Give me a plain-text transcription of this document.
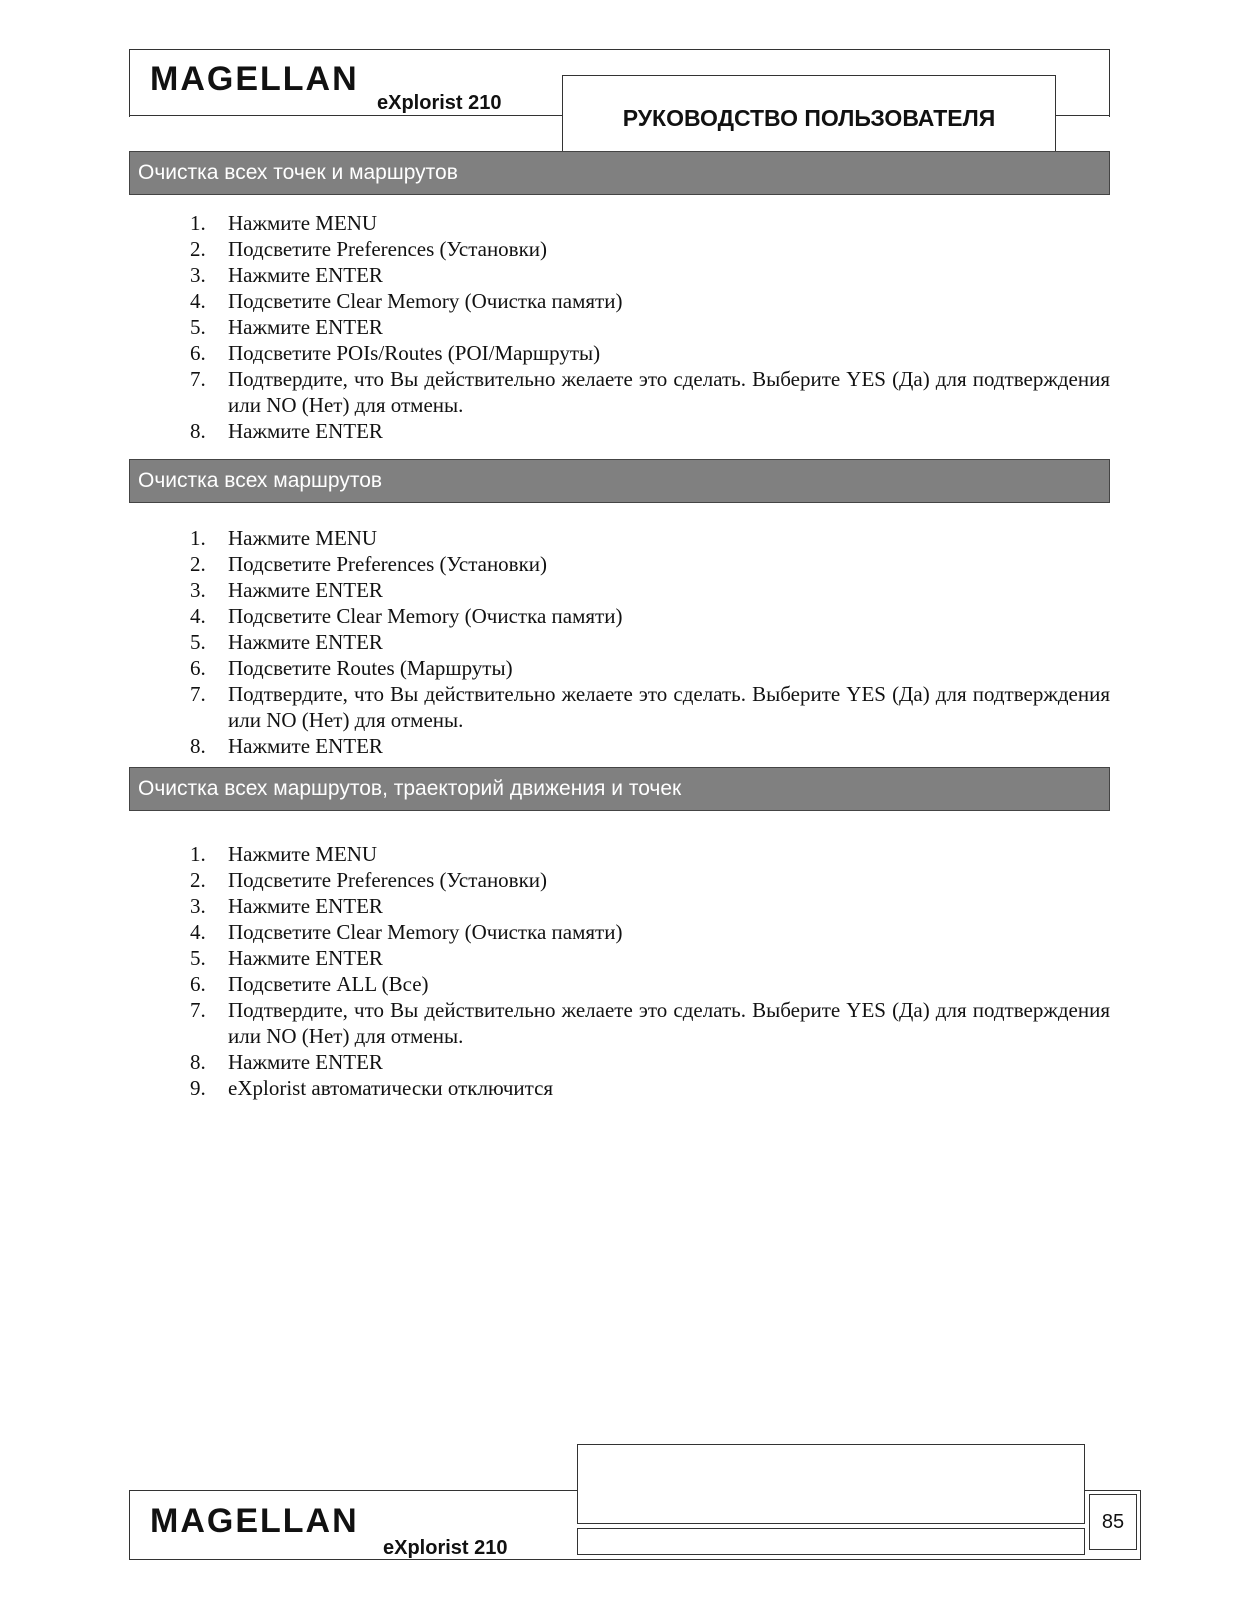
MAGELLAN
eXplorist 210
РУКОВОДСТВО ПОЛЬЗОВАТЕЛЯ
Очистка всех точек и маршрутов
1. Нажмите MENU
2. Подсветите Preferences (Установки)
3. Нажмите ENTER
4. Подсветите Clear Memory (Очистка памяти)
5. Нажмите ENTER
6. Подсветите POIs/Routes (POI/Маршруты)
7. Подтвердите, что Вы действительно желаете это сделать. Выберите YES (Да) для подтверждения или NO (Нет) для отмены.
8. Нажмите ENTER
Очистка всех маршрутов
1. Нажмите MENU
2. Подсветите Preferences (Установки)
3. Нажмите ENTER
4. Подсветите Clear Memory (Очистка памяти)
5. Нажмите ENTER
6. Подсветите Routes (Маршруты)
7. Подтвердите, что Вы действительно желаете это сделать. Выберите YES (Да) для подтверждения или NO (Нет) для отмены.
8. Нажмите ENTER
Очистка всех маршрутов, траекторий движения и точек
1. Нажмите MENU
2. Подсветите Preferences (Установки)
3. Нажмите ENTER
4. Подсветите Clear Memory (Очистка памяти)
5. Нажмите ENTER
6. Подсветите ALL (Все)
7. Подтвердите, что Вы действительно желаете это сделать. Выберите YES (Да) для подтверждения или NO (Нет) для отмены.
8. Нажмите ENTER
9. eXplorist автоматически отключится
MAGELLAN
eXplorist 210
85
